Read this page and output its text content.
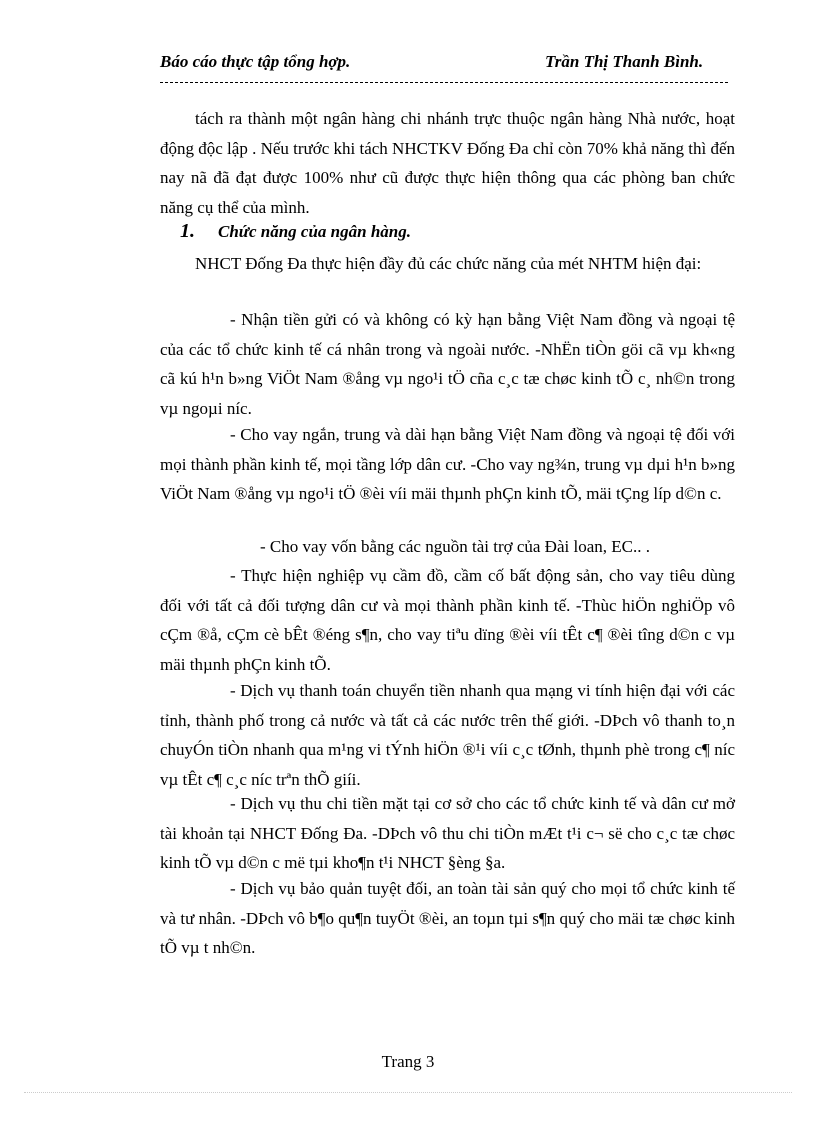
Báo cáo thực tập tổng hợp.	Trần Thị Thanh Bình.

tách ra thành một ngân hàng chi nhánh trực thuộc ngân hàng Nhà nước, hoạt động độc lập . Nếu trước khi tách NHCTKV Đống Đa chỉ còn 70% khả năng thì đến nay nã đã đạt được 100% như cũ được thực hiện thông qua các phòng ban chức năng cụ thể của mình.

1. Chức năng của ngân hàng.

NHCT Đống Đa thực hiện đầy đủ các chức năng của mét NHTM hiện đại:

- Nhận tiền gửi có và không có kỳ hạn bằng Việt Nam đồng và ngoại tệ của các tổ chức kinh tế cá nhân trong và ngoài nước. -NhËn tiÒn göi cã vµ kh«ng cã kú h¹n b»ng ViÖt Nam ®ång vµ ngo¹i tÖ cña c¸c tæ chøc kinh tÕ c¸ nh©n trong vµ ngoµi níc.

- Cho vay ngắn, trung và dài hạn bằng Việt Nam đồng và ngoại tệ đối với mọi thành phần kinh tế, mọi tầng lớp dân cư. -Cho vay ng¾n, trung vµ dµi h¹n b»ng ViÖt Nam ®ång vµ ngo¹i tÖ ®èi víi mäi thµnh phÇn kinh tÕ, mäi tÇng líp d©n c.

- Cho vay vốn bằng các nguồn tài trợ của Đài loan, EC.. .

- Thực hiện nghiệp vụ cầm đồ, cầm cố bất động sản, cho vay tiêu dùng đối với tất cả đối tượng dân cư và mọi thành phần kinh tế. -Thùc hiÖn nghiÖp vô cÇm ®å, cÇm cè bÊt ®éng s¶n, cho vay tiªu dïng ®èi víi tÊt c¶ ®èi tîng d©n c vµ mäi thµnh phÇn kinh tÕ.

- Dịch vụ thanh toán chuyển tiền nhanh qua mạng vi tính hiện đại với các tỉnh, thành phố trong cả nước và tất cả các nước trên thế giới. -DÞch vô thanh to¸n chuyÓn tiÒn nhanh qua m¹ng vi tÝnh hiÖn ®¹i víi c¸c tØnh, thµnh phè trong c¶ níc vµ tÊt c¶ c¸c níc trªn thÕ giíi.

- Dịch vụ thu chi tiền mặt tại cơ sở cho các tổ chức kinh tế và dân cư mở tài khoản tại NHCT Đống Đa. -DÞch vô thu chi tiÒn mÆt t¹i c¬ së cho c¸c tæ chøc kinh tÕ vµ d©n c më tµi kho¶n t¹i NHCT §èng §a.

- Dịch vụ bảo quản tuyệt đối, an toàn tài sản quý cho mọi tổ chức kinh tế và tư nhân. -DÞch vô b¶o qu¶n tuyÖt ®èi, an toµn tµi s¶n quý cho mäi tæ chøc kinh tÕ vµ t nh©n.

Trang 3
